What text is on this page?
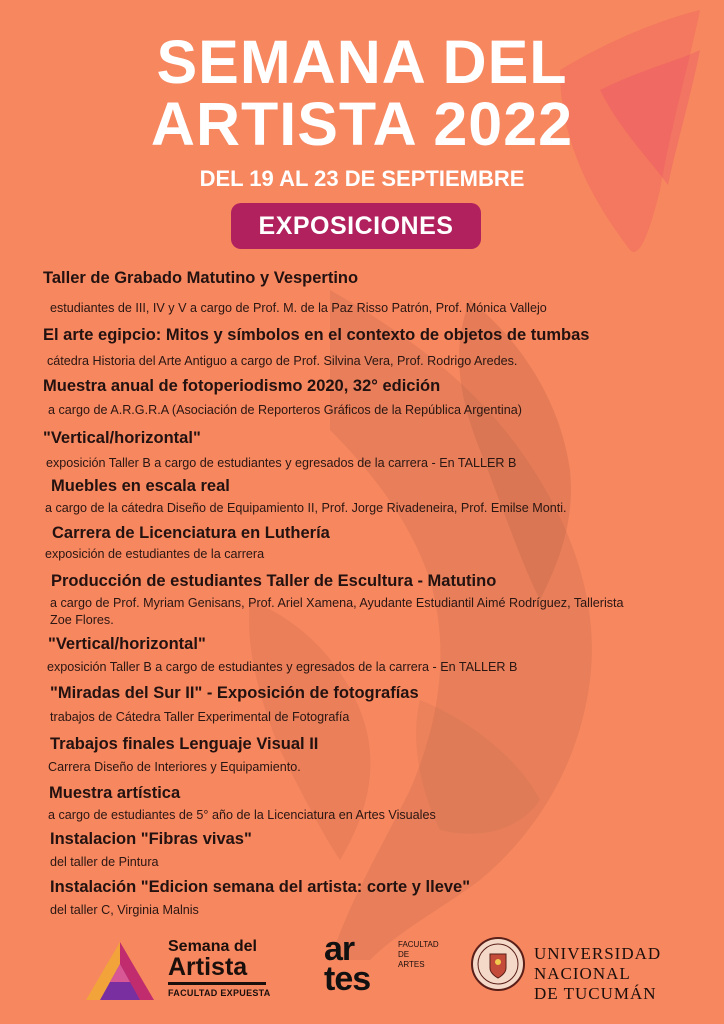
SEMANA DEL
ARTISTA 2022
DEL 19 AL 23 DE SEPTIEMBRE
EXPOSICIONES
Taller de Grabado Matutino y Vespertino
estudiantes de III, IV y V a cargo de Prof. M. de la Paz Risso Patrón, Prof. Mónica Vallejo
El arte egipcio: Mitos y símbolos en el contexto de objetos de tumbas
cátedra Historia del Arte Antiguo a cargo de Prof. Silvina Vera, Prof. Rodrigo Aredes.
Muestra anual de fotoperiodismo 2020, 32° edición
a cargo de A.R.G.R.A (Asociación de Reporteros Gráficos de la República Argentina)
"Vertical/horizontal"
exposición Taller B a cargo de estudiantes y egresados de la carrera - En TALLER B
Muebles en escala real
a cargo de la cátedra Diseño de Equipamiento II, Prof. Jorge Rivadeneira, Prof. Emilse Monti.
Carrera de Licenciatura en Luthería
exposición de estudiantes de la carrera
Producción de estudiantes Taller de Escultura - Matutino
a cargo de Prof. Myriam Genisans, Prof. Ariel Xamena, Ayudante Estudiantil Aimé Rodríguez, Tallerista Zoe Flores.
"Vertical/horizontal"
exposición Taller B a cargo de estudiantes y egresados de la carrera - En TALLER B
"Miradas del Sur II" - Exposición de fotografías
trabajos de Cátedra Taller Experimental de Fotografía
Trabajos finales Lenguaje Visual II
Carrera Diseño de Interiores y Equipamiento.
Muestra artística
a cargo de estudiantes de 5° año de la Licenciatura en Artes Visuales
Instalacion "Fibras vivas"
del taller de Pintura
Instalación "Edicion semana del artista: corte y lleve"
del taller C, Virginia Malnis
Semana del
Artista
FACULTAD EXPUESTA
ar
tes
FACULTAD
DE
ARTES
UNIVERSIDAD
NACIONAL
DE TUCUMÁN
